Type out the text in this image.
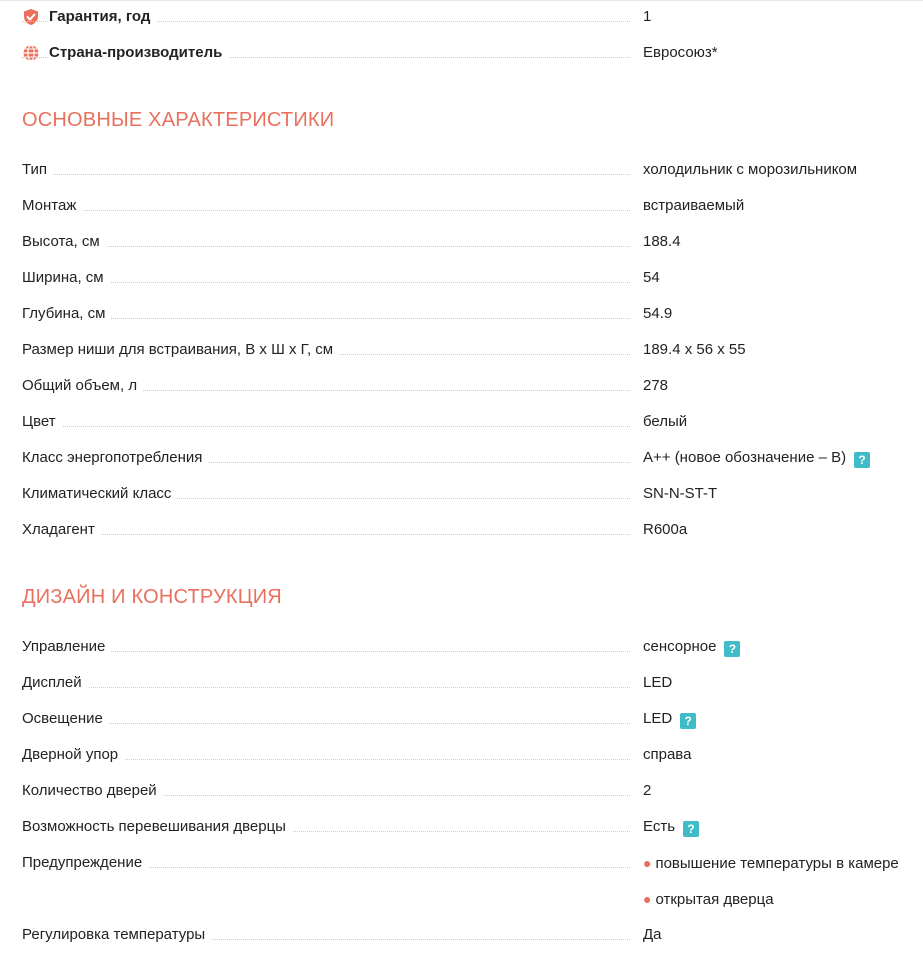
Гарантия, год	1
Страна-производитель	Евросоюз*
ОСНОВНЫЕ ХАРАКТЕРИСТИКИ
Тип	холодильник с морозильником
Монтаж	встраиваемый
Высота, см	188.4
Ширина, см	54
Глубина, см	54.9
Размер ниши для встраивания, В x Ш x Г, см	189.4 x 56 x 55
Общий объем, л	278
Цвет	белый
Класс энергопотребления	A++ (новое обозначение – B) ?
Климатический класс	SN-N-ST-T
Хладагент	R600a
ДИЗАЙН И КОНСТРУКЦИЯ
Управление	сенсорное ?
Дисплей	LED
Освещение	LED ?
Дверной упор	справа
Количество дверей	2
Возможность перевешивания дверцы	Есть ?
Предупреждение	● повышение температуры в камере
● открытая дверца
Регулировка температуры	Да
